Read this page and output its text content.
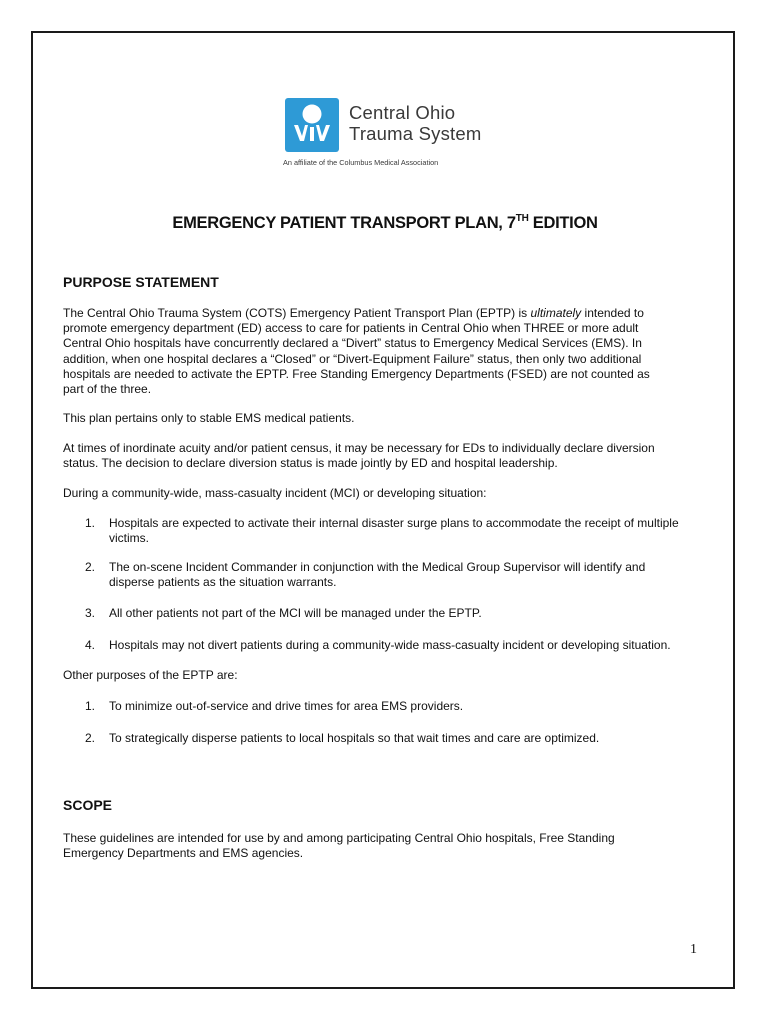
Central Ohio
Trauma System
An affiliate of the Columbus Medical Association
EMERGENCY PATIENT TRANSPORT PLAN, 7TH EDITION
PURPOSE STATEMENT
The Central Ohio Trauma System (COTS) Emergency Patient Transport Plan (EPTP) is ultimately intended to
promote emergency department (ED) access to care for patients in Central Ohio when THREE or more adult
Central Ohio hospitals have concurrently declared a “Divert” status to Emergency Medical Services (EMS). In
addition, when one hospital declares a “Closed” or “Divert-Equipment Failure” status, then only two additional
hospitals are needed to activate the EPTP. Free Standing Emergency Departments (FSED) are not counted as
part of the three.
This plan pertains only to stable EMS medical patients.
At times of inordinate acuity and/or patient census, it may be necessary for EDs to individually declare diversion
status. The decision to declare diversion status is made jointly by ED and hospital leadership.
During a community-wide, mass-casualty incident (MCI) or developing situation:
1. Hospitals are expected to activate their internal disaster surge plans to accommodate the receipt of multiple
victims.
2. The on-scene Incident Commander in conjunction with the Medical Group Supervisor will identify and
disperse patients as the situation warrants.
3. All other patients not part of the MCI will be managed under the EPTP.
4. Hospitals may not divert patients during a community-wide mass-casualty incident or developing situation.
Other purposes of the EPTP are:
1. To minimize out-of-service and drive times for area EMS providers.
2. To strategically disperse patients to local hospitals so that wait times and care are optimized.
SCOPE
These guidelines are intended for use by and among participating Central Ohio hospitals, Free Standing
Emergency Departments and EMS agencies.
1
